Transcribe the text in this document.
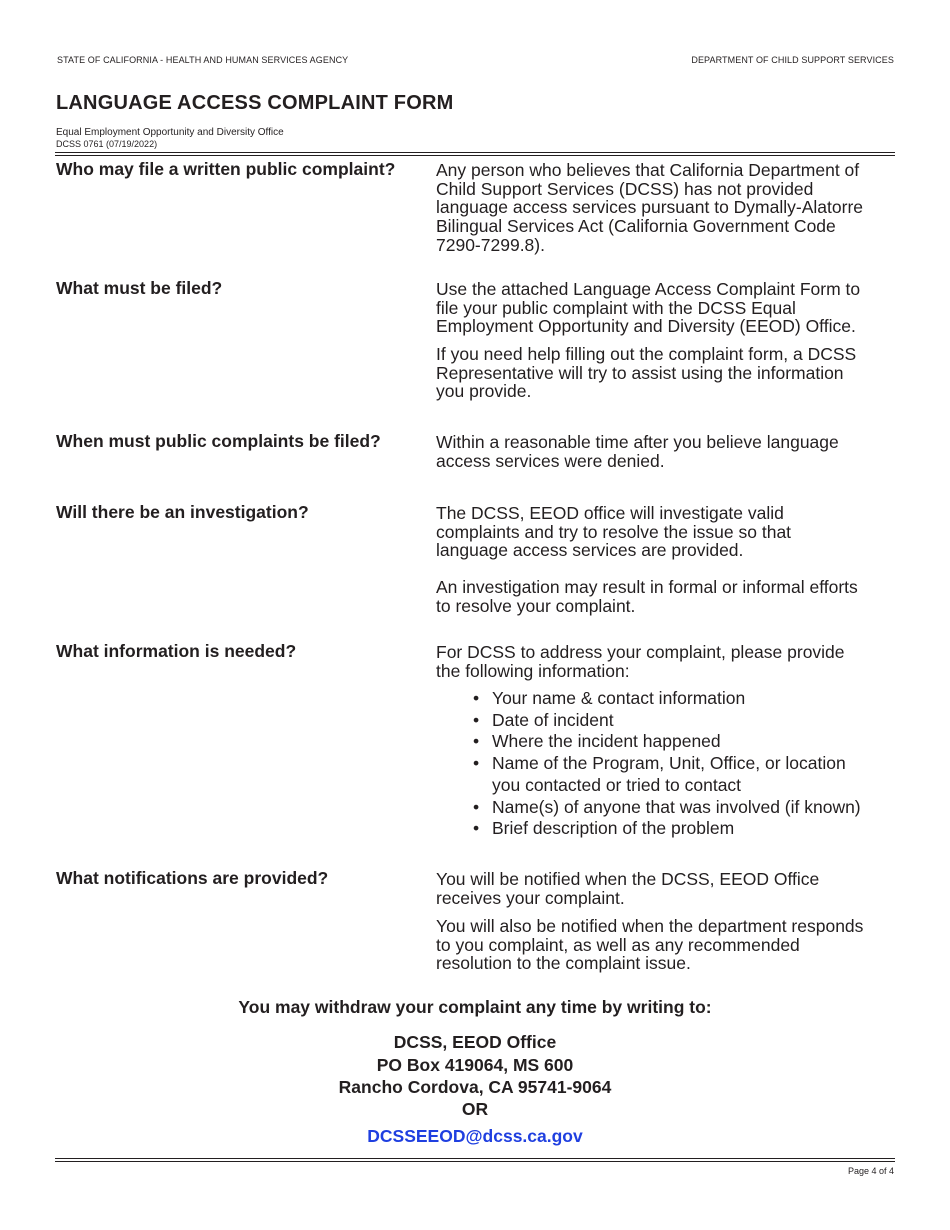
STATE OF CALIFORNIA - HEALTH AND HUMAN SERVICES AGENCY	DEPARTMENT OF CHILD SUPPORT SERVICES
LANGUAGE ACCESS COMPLAINT FORM
Equal Employment Opportunity and Diversity Office
DCSS 0761 (07/19/2022)
Who may file a written public complaint? Any person who believes that California Department of
Child Support Services (DCSS) has not provided
language access services pursuant to Dymally-Alatorre
Bilingual Services Act (California Government Code
7290-7299.8).
What must be filed?	Use the attached Language Access Complaint Form to
file your public complaint with the DCSS Equal
Employment Opportunity and Diversity (EEOD) Office.
If you need help filling out the complaint form, a DCSS
Representative will try to assist using the information
you provide.
When must public complaints be filed?	Within a reasonable time after you believe language
access services were denied.
Will there be an investigation?	The DCSS, EEOD office will investigate valid
complaints and try to resolve the issue so that
language access services are provided.
An investigation may result in formal or informal efforts
to resolve your complaint.
What information is needed?	For DCSS to address your complaint, please provide
the following information:
• Your name & contact information
• Date of incident
• Where the incident happened
• Name of the Program, Unit, Office, or location
you contacted or tried to contact
• Name(s) of anyone that was involved (if known)
• Brief description of the problem
What notifications are provided?	You will be notified when the DCSS, EEOD Office
receives your complaint.
You will also be notified when the department responds
to you complaint, as well as any recommended
resolution to the complaint issue.
You may withdraw your complaint any time by writing to:
DCSS, EEOD Office
PO Box 419064, MS 600
Rancho Cordova, CA 95741-9064
OR
DCSSEEOD@dcss.ca.gov
Page 4 of 4
